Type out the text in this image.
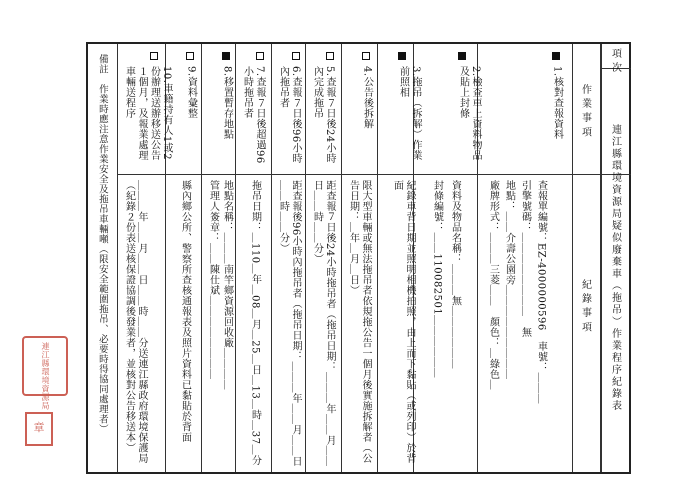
項 次
連江縣環境資源局疑似廢棄車（拖吊）作業程序紀錄表
作 業 事 項
紀 錄 事 項
備註　作業時應注意作業安全及拖吊車輛噸（限安全範圍拖吊、必要時得協同處理者）	1.核對查報資料
查報單編號：EZ-4000000596　車號：＿＿＿
引擎號碼：＿＿＿＿＿＿＿＿　無
地點：＿＿介壽公園旁＿＿＿＿＿＿＿＿＿
廠牌形式：＿＿＿三菱＿＿　顏色：＿綠色＿
2.檢查車上資料物品及貼上封條
資料及物品名稱：＿＿＿無＿＿＿＿＿＿
封條編號：＿＿110082501＿＿＿＿＿＿
3.拖吊（拆解）作業前照相
紀錄車背日期並照明相機拍照，由上而下黏貼（或列印）於背面
4.公告後拆解
限大型車輛或無法拖吊者依規拖公告一個月後實施拆解者（公告日期：＿年＿月＿日）
5.查報７日後24小時內完成拖吊
距查報７日後24小時拖吊者（拖吊日期：＿＿＿年＿＿月＿＿日＿＿時＿＿分）
6.查報７日後96小時內拖吊者
距查報後96小時內拖吊者（拖吊日期：＿＿＿年＿＿月＿＿日＿＿時＿＿分）
7.查報７日後超過96小時拖吊者
拖吊日期：＿110＿年＿08＿月＿25＿日＿13＿時＿37＿分
8.移置暫存地點
地點名稱：＿＿＿南竿鄉資源回收廠＿＿＿＿
管理人簽章：＿＿陳仕斌＿＿＿＿＿＿＿＿
9.資料彙整
縣內鄉公所、警察所查核通報表及照片資料已黏貼於背面
10.車籍持有人1或2份辦理送辦移送公告１個月，及報業處理車輛送程序
＿＿＿年＿＿月＿＿日＿＿時＿＿分送連江縣政府環境保護局（紀錄２份表送核保證協調後發業者，並核對公告移送本）
連江縣環境資源局
章
